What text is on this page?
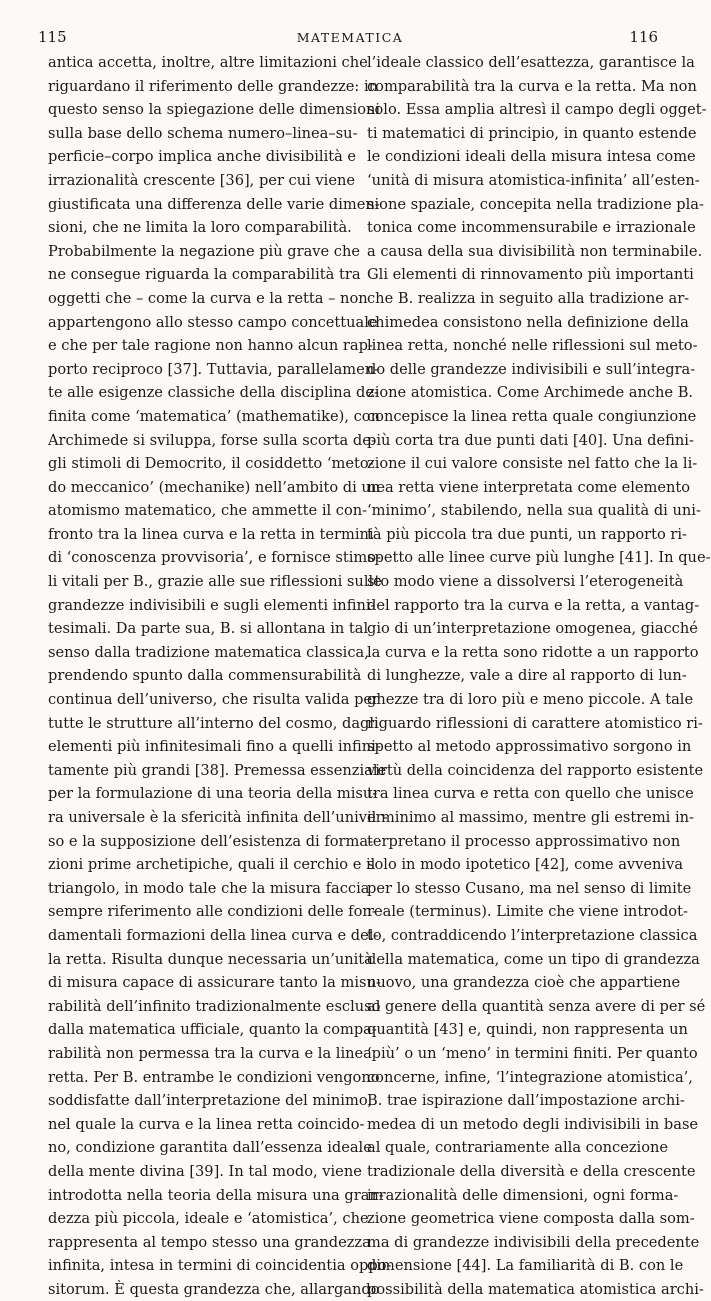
115	MATEMATICA	116
antica accetta, inoltre, altre limitazioni che
riguardano il riferimento delle grandezze: in
questo senso la spiegazione delle dimensioni
sulla base dello schema numero–linea–su-
perficie–corpo implica anche divisibilità e
irrazionalità crescente [36], per cui viene
giustificata una differenza delle varie dimen-
sioni, che ne limita la loro comparabilità.
Probabilmente la negazione più grave che
ne consegue riguarda la comparabilità tra
oggetti che – come la curva e la retta – non
appartengono allo stesso campo concettuale
e che per tale ragione non hanno alcun rap-
porto reciproco [37]. Tuttavia, parallelamen-
te alle esigenze classiche della disciplina de-
finita come ‘matematica’ (mathematike), con
Archimede si sviluppa, forse sulla scorta de-
gli stimoli di Democrito, il cosiddetto ‘meto-
do meccanico’ (mechanike) nell’ambito di un
atomismo matematico, che ammette il con-
fronto tra la linea curva e la retta in termini
di ‘conoscenza provvisoria’, e fornisce stimo-
li vitali per B., grazie alle sue riflessioni sulle
grandezze indivisibili e sugli elementi infini-
tesimali. Da parte sua, B. si allontana in tal
senso dalla tradizione matematica classica,
prendendo spunto dalla commensurabilità
continua dell’universo, che risulta valida per
tutte le strutture all’interno del cosmo, dagli
elementi più infinitesimali fino a quelli infini-
tamente più grandi [38]. Premessa essenziale
per la formulazione di una teoria della misu-
ra universale è la sfericità infinita dell’univer-
so e la supposizione dell’esistenza di forma-
zioni prime archetipiche, quali il cerchio e il
triangolo, in modo tale che la misura faccia
sempre riferimento alle condizioni delle fon-
damentali formazioni della linea curva e del-
la retta. Risulta dunque necessaria un’unità
di misura capace di assicurare tanto la misu-
rabilità dell’infinito tradizionalmente escluso
dalla matematica ufficiale, quanto la compa-
rabilità non permessa tra la curva e la linea
retta. Per B. entrambe le condizioni vengono
soddisfatte dall’interpretazione del minimo,
nel quale la curva e la linea retta coincido-
no, condizione garantita dall’essenza ideale
della mente divina [39]. In tal modo, viene
introdotta nella teoria della misura una gran-
dezza più piccola, ideale e ‘atomistica’, che
rappresenta al tempo stesso una grandezza
infinita, intesa in termini di coincidentia oppo-
sitorum. È questa grandezza che, allargando
l’ideale classico dell’esattezza, garantisce la
comparabilità tra la curva e la retta. Ma non
solo. Essa amplia altresì il campo degli ogget-
ti matematici di principio, in quanto estende
le condizioni ideali della misura intesa come
‘unità di misura atomistica-infinita’ all’esten-
sione spaziale, concepita nella tradizione pla-
tonica come incommensurabile e irrazionale
a causa della sua divisibilità non terminabile.
Gli elementi di rinnovamento più importanti
che B. realizza in seguito alla tradizione ar-
chimedea consistono nella definizione della
linea retta, nonché nelle riflessioni sul meto-
do delle grandezze indivisibili e sull’integra-
zione atomistica. Come Archimede anche B.
concepisce la linea retta quale congiunzione
più corta tra due punti dati [40]. Una defini-
zione il cui valore consiste nel fatto che la li-
nea retta viene interpretata come elemento
‘minimo’, stabilendo, nella sua qualità di uni-
tà più piccola tra due punti, un rapporto ri-
spetto alle linee curve più lunghe [41]. In que-
sto modo viene a dissolversi l’eterogeneità
del rapporto tra la curva e la retta, a vantag-
gio di un’interpretazione omogenea, giacché
la curva e la retta sono ridotte a un rapporto
di lunghezze, vale a dire al rapporto di lun-
ghezze tra di loro più e meno piccole. A tale
riguardo riflessioni di carattere atomistico ri-
spetto al metodo approssimativo sorgono in
virtù della coincidenza del rapporto esistente
tra linea curva e retta con quello che unisce
il minimo al massimo, mentre gli estremi in-
terpretano il processo approssimativo non
solo in modo ipotetico [42], come avveniva
per lo stesso Cusano, ma nel senso di limite
reale (terminus). Limite che viene introdot-
to, contraddicendo l’interpretazione classica
della matematica, come un tipo di grandezza
nuovo, una grandezza cioè che appartiene
al genere della quantità senza avere di per sé
quantità [43] e, quindi, non rappresenta un
‘più’ o un ‘meno’ in termini finiti. Per quanto
concerne, infine, ‘l’integrazione atomistica’,
B. trae ispirazione dall’impostazione archi-
medea di un metodo degli indivisibili in base
al quale, contrariamente alla concezione
tradizionale della diversità e della crescente
irrazionalità delle dimensioni, ogni forma-
zione geometrica viene composta dalla som-
ma di grandezze indivisibili della precedente
dimensione [44]. La familiarità di B. con le
possibilità della matematica atomistica archi-
